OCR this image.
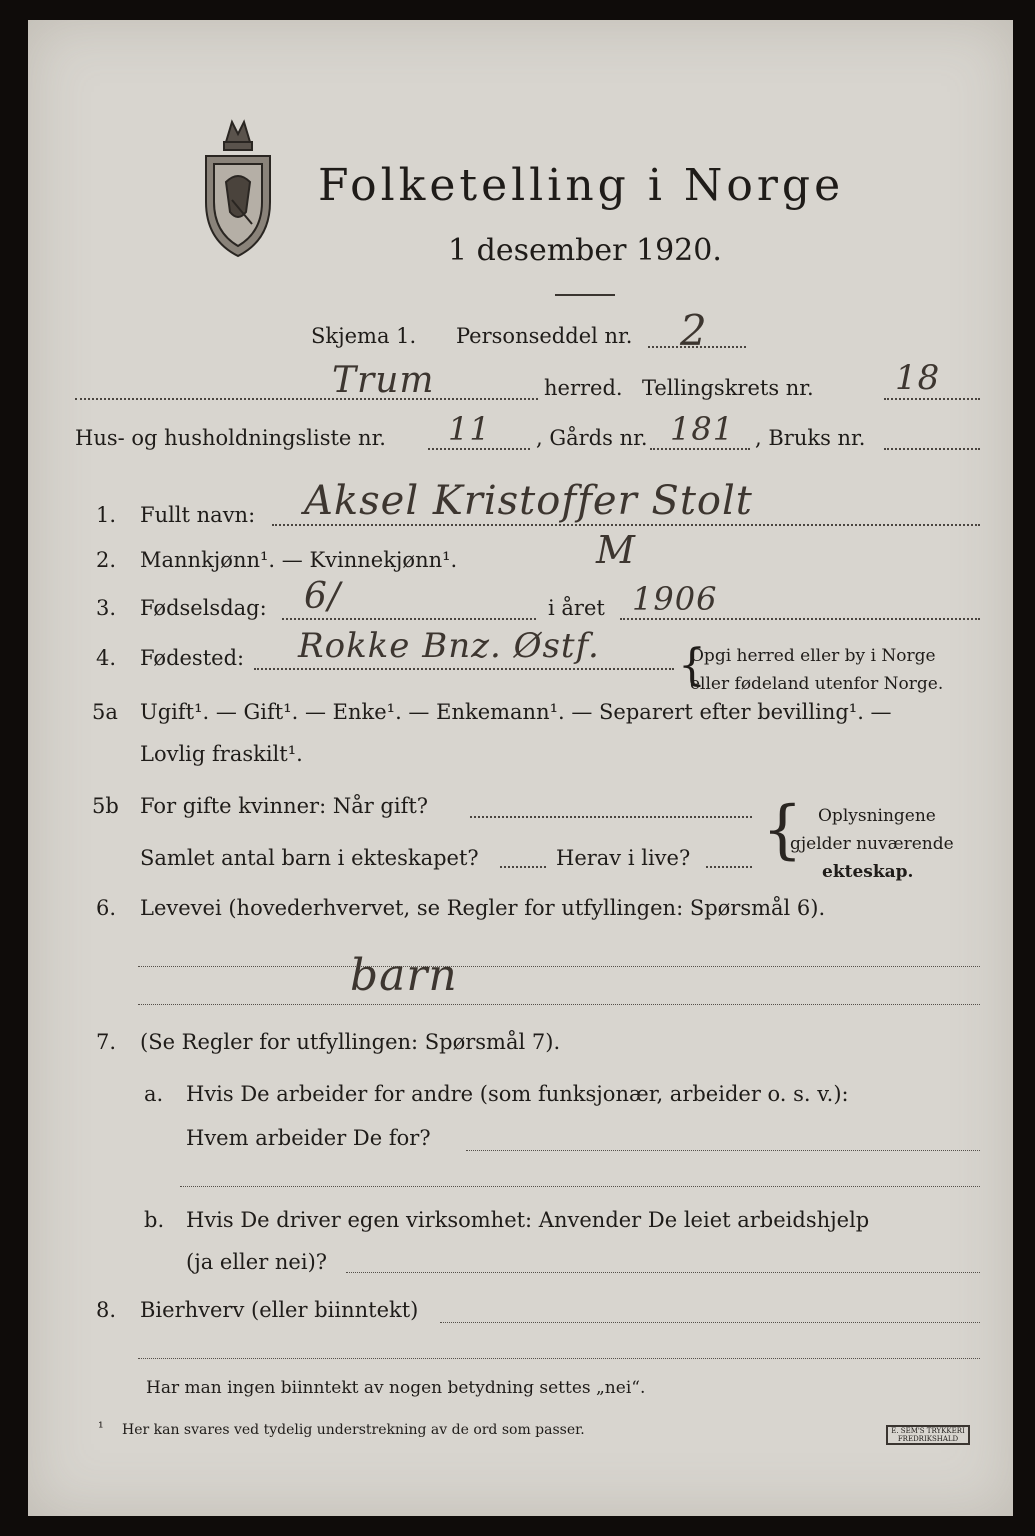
Folketelling i Norge
1 desember 1920.
Skjema 1. Personseddel nr. 2
Trum	herred. Tellingskrets nr. 18
Hus- og husholdningsliste nr. 11 , Gårds nr. 181 , Bruks nr.
1. Fullt navn: Aksel Kristoffer Stolt
2. Mannkjønn¹. — Kvinnekjønn¹.	M
3. Fødselsdag: 6/	i året 1906
4. Fødested: Rokke Bnz. Østf.	Opgi herred eller by i Norge
eller fødeland utenfor Norge.
{
5a Ugift¹. — Gift¹. — Enke¹. — Enkemann¹. — Separert efter bevilling¹. —
Lovlig fraskilt¹.
5b For gifte kvinner: Når gift?
Samlet antal barn i ekteskapet?	Herav i live? { Oplysningene
gjelder nuværende
ekteskap.
6. Levevei (hovederhvervet, se Regler for utfyllingen: Spørsmål 6).
barn
7. (Se Regler for utfyllingen: Spørsmål 7).
a. Hvis De arbeider for andre (som funksjonær, arbeider o. s. v.):
Hvem arbeider De for?
b. Hvis De driver egen virksomhet: Anvender De leiet arbeidshjelp
(ja eller nei)?
8. Bierhverv (eller biinntekt)
Har man ingen biinntekt av nogen betydning settes „nei“.
¹ Her kan svares ved tydelig understrekning av de ord som passer.	E. SEM'S TRYKKERI FREDRIKSHALD
